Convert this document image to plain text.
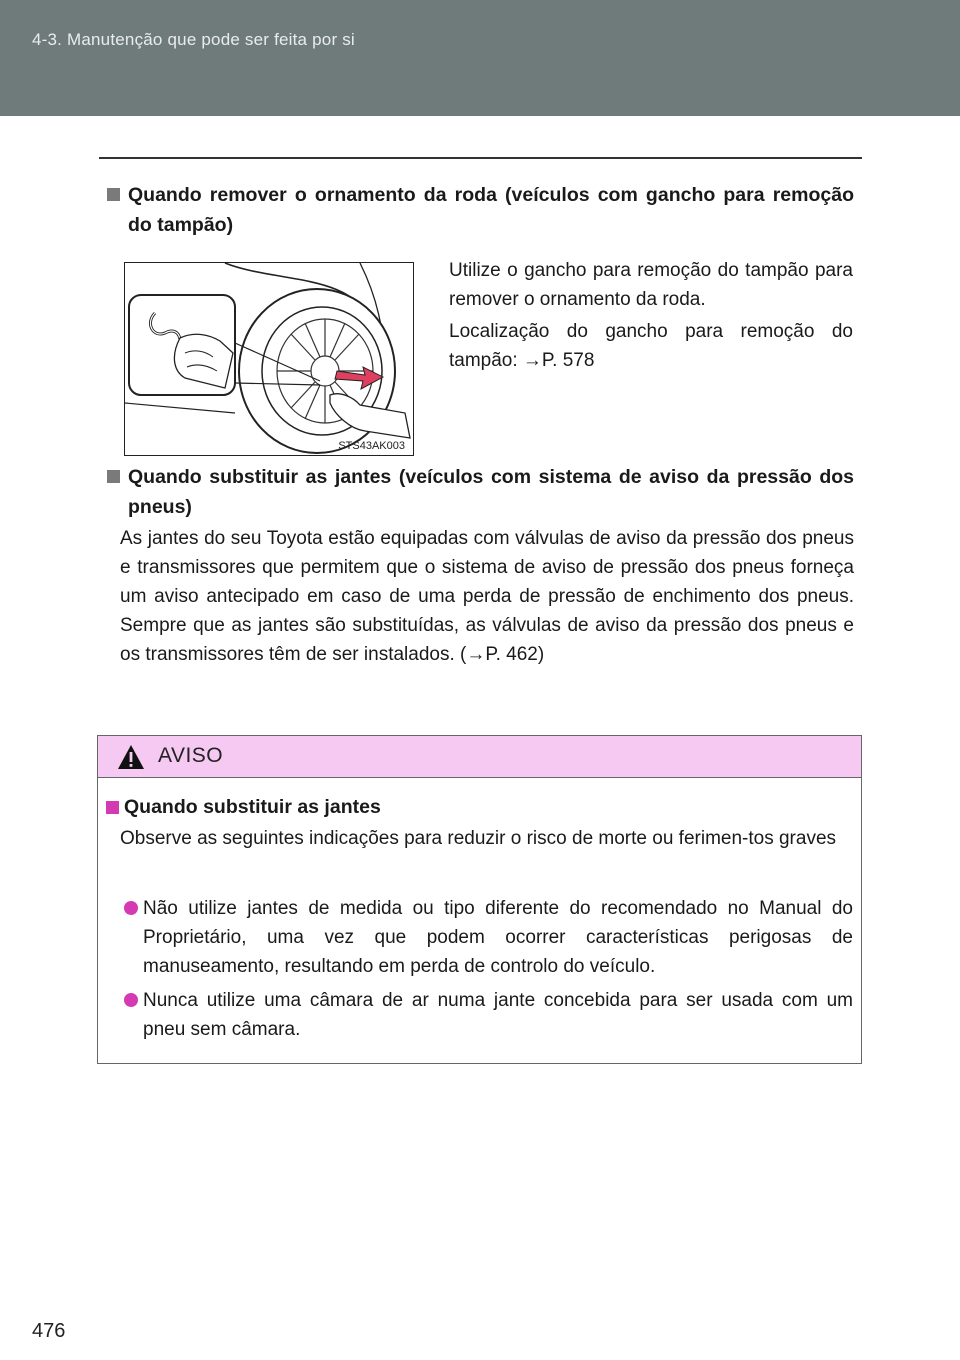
4-3. Manutenção que pode ser feita por si
Quando remover o ornamento da roda (veículos com gancho para remoção do tampão)
STS43AK003
Utilize o gancho para remoção do tampão para remover o ornamento da roda.
Localização do gancho para remoção do tampão: →P. 578
Quando substituir as jantes (veículos com sistema de aviso da pressão dos pneus)
As jantes do seu Toyota estão equipadas com válvulas de aviso da pressão dos pneus e transmissores que permitem que o sistema de aviso de pressão dos pneus forneça um aviso antecipado em caso de uma perda de pressão de enchimento dos pneus. Sempre que as jantes são substituídas, as válvulas de aviso da pressão dos pneus e os transmissores têm de ser instalados. (→P. 462)
AVISO
Quando substituir as jantes
Observe as seguintes indicações para reduzir o risco de morte ou ferimen-tos graves
Não utilize jantes de medida ou tipo diferente do recomendado no Manual do Proprietário, uma vez que podem ocorrer características perigosas de manuseamento, resultando em perda de controlo do veículo.
Nunca utilize uma câmara de ar numa jante concebida para ser usada com um pneu sem câmara.
476
